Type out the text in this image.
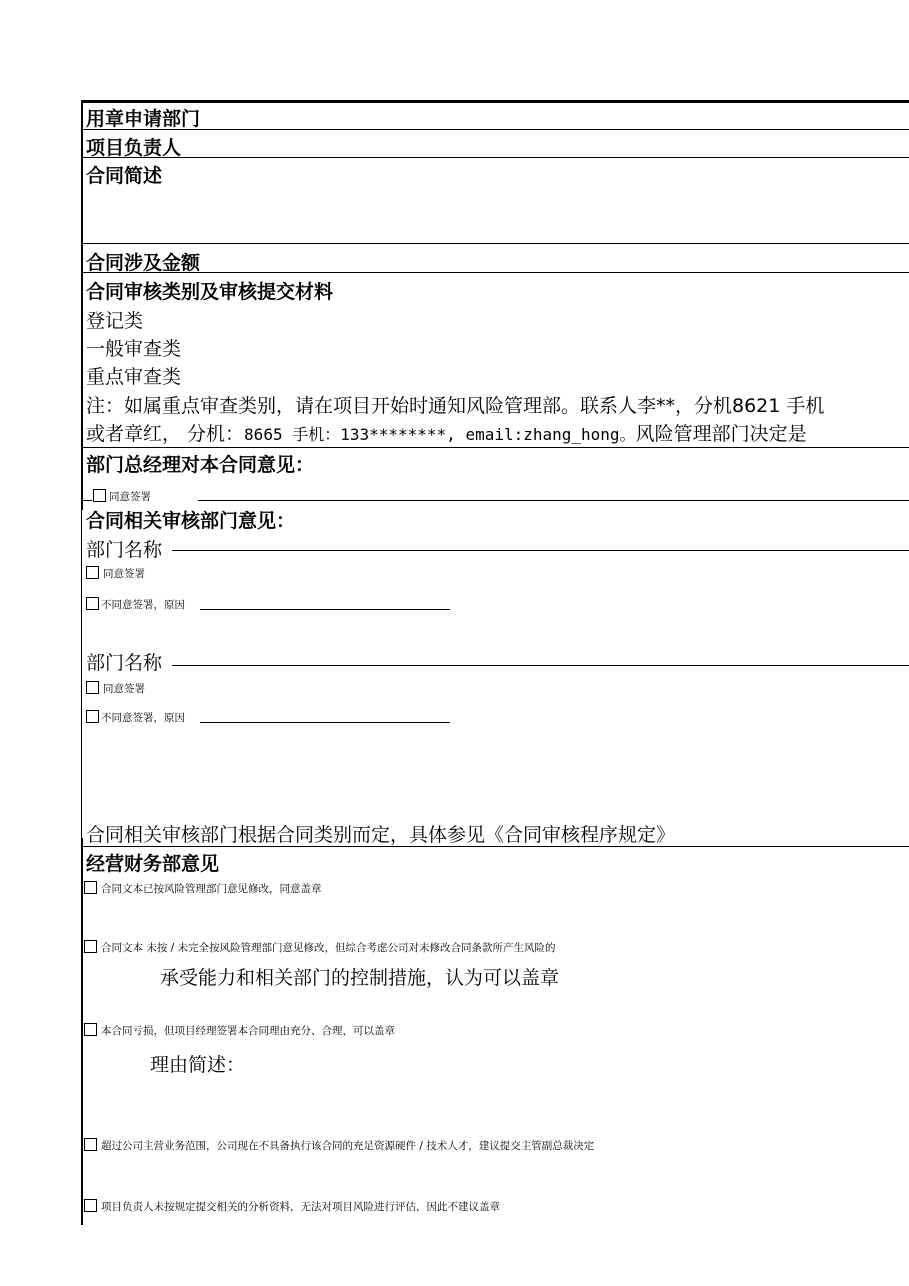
用章申请部门
项目负责人
合同简述
合同涉及金额
合同审核类别及审核提交材料
登记类
一般审查类
重点审查类
注：如属重点审查类别，请在项目开始时通知风险管理部。联系人李**，分机8621 手机
或者章红， 分机：8665 手机：133********, email:zhang_hong。风险管理部门决定是
部门总经理对本合同意见：
同意签署
合同相关审核部门意见：
部门名称
同意签署
不同意签署，原因
部门名称
同意签署
不同意签署，原因
合同相关审核部门根据合同类别而定，具体参见《合同审核程序规定》
经营财务部意见
合同文本已按风险管理部门意见修改，同意盖章
合同文本 未按 / 未完全按风险管理部门意见修改，但综合考虑公司对未修改合同条款所产生风险的
承受能力和相关部门的控制措施，认为可以盖章
本合同亏损，但项目经理签署本合同理由充分、合理，可以盖章
理由简述：
超过公司主营业务范围，公司现在不具备执行该合同的充足资源硬件 / 技术人才，建议提交主管副总裁决定
项目负责人未按规定提交相关的分析资料，无法对项目风险进行评估，因此不建议盖章
